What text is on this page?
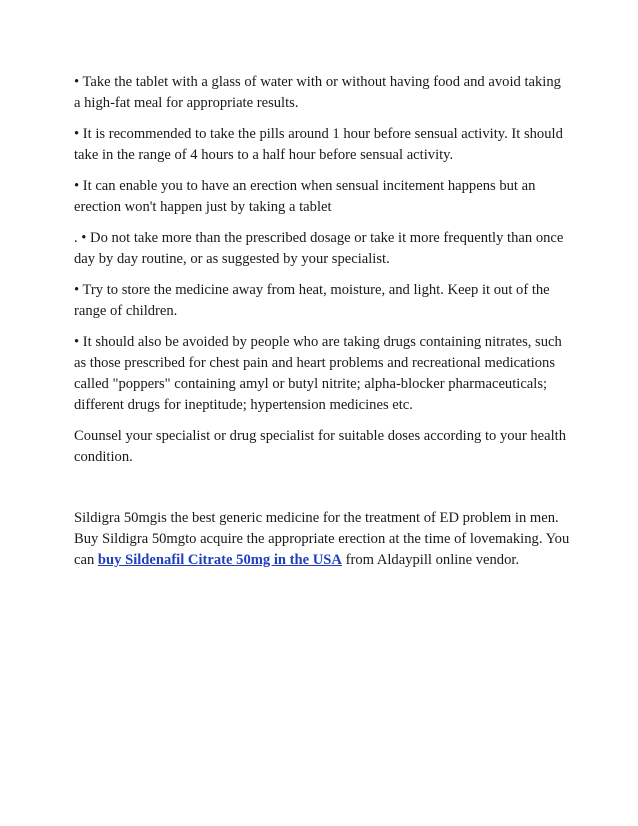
• Take the tablet with a glass of water with or without having food and avoid taking a high-fat meal for appropriate results.

• It is recommended to take the pills around 1 hour before sensual activity. It should take in the range of 4 hours to a half hour before sensual activity.

• It can enable you to have an erection when sensual incitement happens but an erection won't happen just by taking a tablet

. • Do not take more than the prescribed dosage or take it more frequently than once day by day routine, or as suggested by your specialist.

• Try to store the medicine away from heat, moisture, and light. Keep it out of the range of children.

• It should also be avoided by people who are taking drugs containing nitrates, such as those prescribed for chest pain and heart problems and recreational medications called "poppers" containing amyl or butyl nitrite; alpha-blocker pharmaceuticals; different drugs for ineptitude; hypertension medicines etc.

Counsel your specialist or drug specialist for suitable doses according to your health condition.

Sildigra 50mgis the best generic medicine for the treatment of ED problem in men. Buy Sildigra 50mgto acquire the appropriate erection at the time of lovemaking. You can buy Sildenafil Citrate 50mg in the USA from Aldaypill online vendor.
